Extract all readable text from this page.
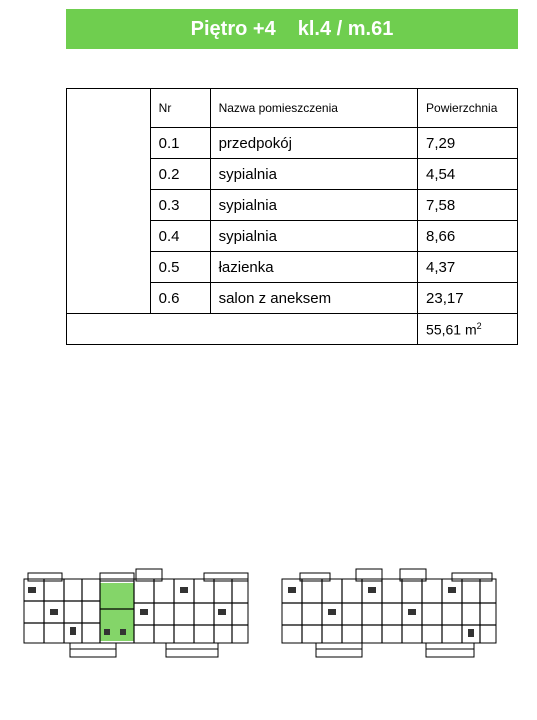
Piętro +4 kl.4 / m.61
	Nr	Nazwa pomieszczenia	Powierzchnia
	0.1	przedpokój	7,29
	0.2	sypialnia	4,54
	0.3	sypialnia	7,58
	0.4	sypialnia	8,66
	0.5	łazienka	4,37
	0.6	salon z aneksem	23,17
			55,61 $m^2$
